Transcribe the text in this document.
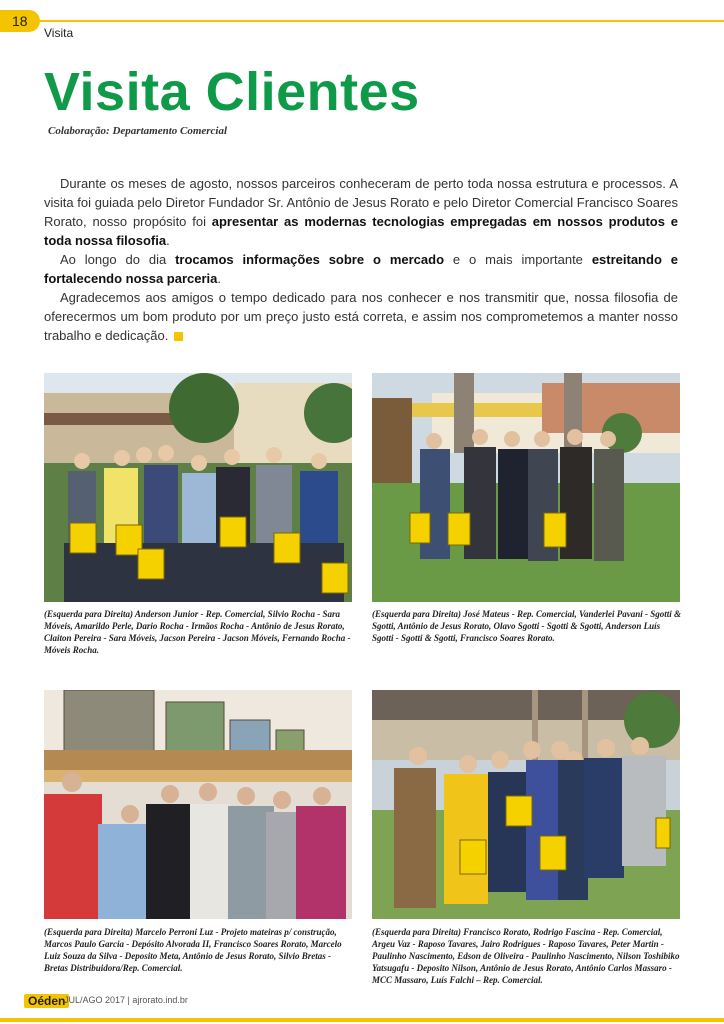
18
Visita
Visita Clientes
Colaboração: Departamento Comercial

Durante os meses de agosto, nossos parceiros conheceram de perto toda nossa estrutura e processos. A visita foi guiada pelo Diretor Fundador Sr. Antônio de Jesus Rorato e pelo Diretor Comercial Francisco Soares Rorato, nosso propósito foi apresentar as modernas tecnologias empregadas em nossos produtos e toda nossa filosofia.

Ao longo do dia trocamos informações sobre o mercado e o mais importante estreitando e fortalecendo nossa parceria.

Agradecemos aos amigos o tempo dedicado para nos conhecer e nos transmitir que, nossa filosofia de oferecermos um bom produto por um preço justo está correta, e assim nos comprometemos a manter nosso trabalho e dedicação.

(Esquerda para Direita) Anderson Junior - Rep. Comercial, Silvio Rocha - Sara Móveis, Amarildo Perle, Dario Rocha - Irmãos Rocha - Antônio de Jesus Rorato, Claiton Pereira - Sara Móveis, Jacson Pereira - Jacson Móveis, Fernando Rocha - Móveis Rocha.
(Esquerda para Direita) José Mateus - Rep. Comercial, Vanderlei Pavani - Sgotti & Sgotti, Antônio de Jesus Rorato, Olavo Sgotti - Sgotti & Sgotti, Anderson Luís Sgotti - Sgotti & Sgotti, Francisco Soares Rorato.
(Esquerda para Direita) Marcelo Perroni Luz - Projeto mateiras p/ construção, Marcos Paulo Garcia - Depósito Alvorada II, Francisco Soares Rorato, Marcelo Luiz Souza da Silva - Deposito Meta, Antônio de Jesus Rorato, Silvio Bretas - Bretas Distribuidora/Rep. Comercial.
(Esquerda para Direita) Francisco Rorato, Rodrigo Fascina - Rep. Comercial, Argeu Vaz - Raposo Tavares, Jairo Rodrigues - Raposo Tavares, Peter Martin - Paulinho Nascimento, Edson de Oliveira - Paulinho Nascimento, Nilson Toshibiko Yatsugafu - Deposito Nilson, Antônio de Jesus Rorato, Antônio Carlos Massaro - MCC Massaro, Luís Falchi – Rep. Comercial.
Oéden
JUL/AGO 2017 | ajrorato.ind.br
